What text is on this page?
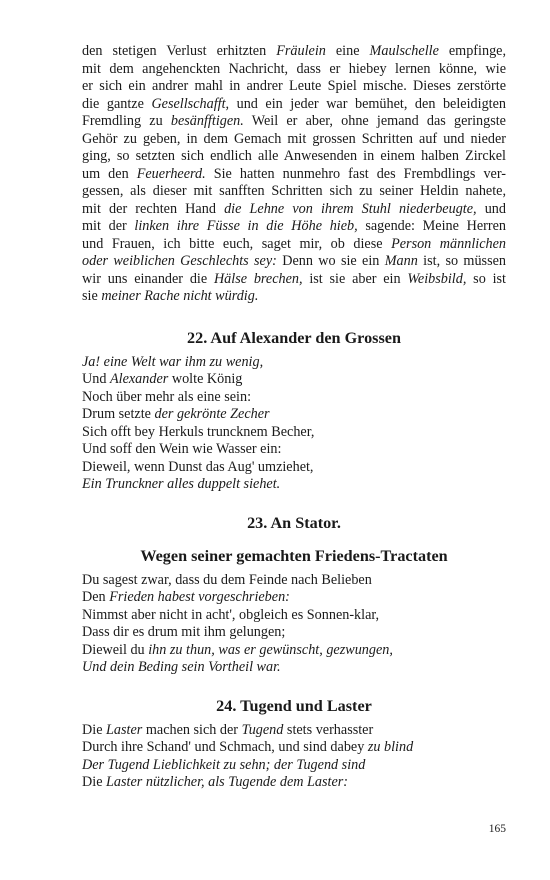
den stetigen Verlust erhitzten Fräulein eine Maulschelle empfinge,
mit dem angehenckten Nachricht, dass er hiebey lernen könne, wie
er sich ein andrer mahl in andrer Leute Spiel mische. Dieses zerstörte
die gantze Gesellschafft, und ein jeder war bemühet, den beleidigten
Fremdling zu besänfftigen. Weil er aber, ohne jemand das geringste
Gehör zu geben, in dem Gemach mit grossen Schritten auf und nieder
ging, so setzten sich endlich alle Anwesenden in einem halben Zirckel
um den Feuerheerd. Sie hatten nunmehro fast des Frembdlings ver-
gessen, als dieser mit sanfften Schritten sich zu seiner Heldin nahete,
mit der rechten Hand die Lehne von ihrem Stuhl niederbeugte, und
mit der linken ihre Füsse in die Höhe hieb, sagende: Meine Herren
und Frauen, ich bitte euch, saget mir, ob diese Person männlichen
oder weiblichen Geschlechts sey: Denn wo sie ein Mann ist, so müssen
wir uns einander die Hälse brechen, ist sie aber ein Weibsbild, so ist
sie meiner Rache nicht würdig.
22. Auf Alexander den Grossen
Ja! eine Welt war ihm zu wenig,
Und Alexander wolte König
Noch über mehr als eine sein:
Drum setzte der gekrönte Zecher
Sich offt bey Herkuls truncknem Becher,
Und soff den Wein wie Wasser ein:
Dieweil, wenn Dunst das Aug' umziehet,
Ein Trunckner alles duppelt siehet.
23. An Stator.
Wegen seiner gemachten Friedens-Tractaten
Du sagest zwar, dass du dem Feinde nach Belieben
Den Frieden habest vorgeschrieben:
Nimmst aber nicht in acht', obgleich es Sonnen-klar,
Dass dir es drum mit ihm gelungen;
Dieweil du ihn zu thun, was er gewünscht, gezwungen,
Und dein Beding sein Vortheil war.
24. Tugend und Laster
Die Laster machen sich der Tugend stets verhasster
Durch ihre Schand' und Schmach, und sind dabey zu blind
Der Tugend Lieblichkeit zu sehn; der Tugend sind
Die Laster nützlicher, als Tugende dem Laster:
165
